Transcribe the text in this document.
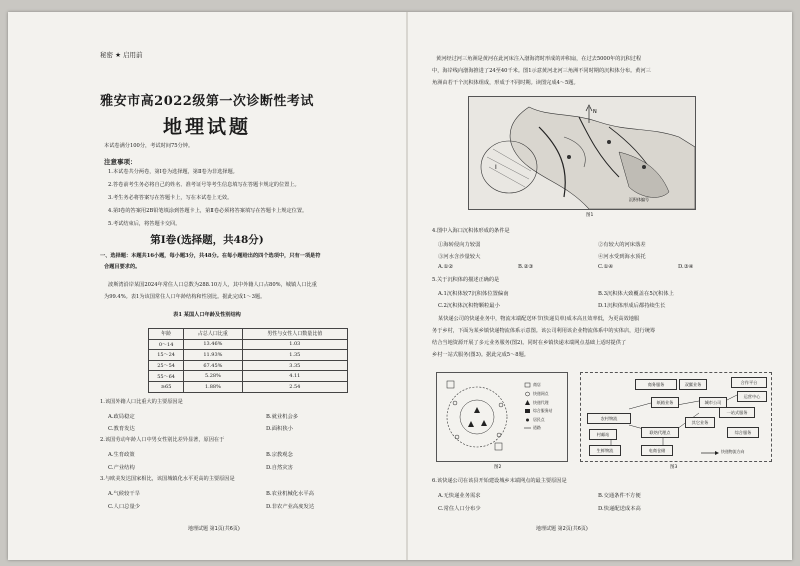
秘密 ★ 启用前
雅安市高2022级第一次诊断性考试
地理试题
本试卷满分100分，考试时间75分钟。
注意事项：
1.本试卷共分两卷，第Ⅰ卷为选择题，第Ⅱ卷为非选择题。
2.答卷前考生务必将自己的姓名、准考证号等考生信息填写在答题卡规定的位置上。
3.考生务必将答案写在答题卡上，写在本试卷上无效。
4.第Ⅰ卷的答案用2B铅笔填涂到答题卡上，第Ⅱ卷必须将答案填写在答题卡上规定位置。
5.考试结束后，将答题卡交回。
第Ⅰ卷(选择题，共48分)
一、选择题：本题共16小题，每小题3分，共48分。在每小题给出的四个选项中，只有一项是符
合题目要求的。
波斯湾沿岸某国2024年常住人口总数为288.10万人，其中外籍人口占80%，城镇人口比重
为99.4%。表1为该国常住人口年龄结构和性别比。据此完成1～3题。
表1 某国人口年龄及性别结构
年龄	占总人口比重	男性与女性人口数量比值
0～14	13.46%	1.03
15～24	11.93%	1.35
25～54	67.45%	3.35
55～64	5.28%	4.11
≥65	1.88%	2.54
1.该国外籍人口比重大的主要原因是
A.政局稳定	B.就业机会多
C.教育发达	D.面积狭小
2.该国劳动年龄人口中男女性别比差异显著，原因在于
A.生育政策	B.宗教观念
C.产业结构	D.自然灾害
3.与欧美发达国家相比，该国城镇化水平更高的主要原因是
A.气候较干旱	B.农业机械化水平高
C.人口总量少	D.非农产业高度发达
地理试题 第1页(共6页)
黄河经过河三角洲是黄河在此河床注入渤海湾时形成的冲积扇，在过去5000年的沉积过程
中，海岸线向渤海推进了24至40千米。图1示意黄河北河三角洲不同时期的沉积体分布。黄河三
角洲由若干个沉积体组成，形成于不同时期。读图完成4～5题。
N
Ⅰ
沉积体编号
图1
4.图中入海口沉积体形成的条件是
①海转侵向力较弱	②有较大的河床落差
③河水含沙量较大	④河水受到海水顶托
A.①②	B.②③	C.①④	D.③④
5.关于沉积体的描述正确的是
A.1沉积体较7沉积体位置偏南	B.3沉积体大致覆盖在5沉积体上
C.2沉积体沉积物颗粒最小	D.1沉积体形成后都持续生长
某快递公司的快递业务中，物流末端配送环节(快递员单)成本高且效率低，为更高效地服
务于乡村，下面为某乡镇快递物流体系示意图。该公司利用该企业物流体系中的实体店，进行统筹
结合当地资源开展了多元业务服务(图2)。同时在乡镇快递末端网点基础上适时提供了
乡村一站式服务(图3)。据此完成5～8题。
商店
快递网点
快递代理
综合服务站
居民点
道路
图2
农村物流
商务服务
纸箱业务
村邮站	联络代理点
双翼业务
其它业务
城市公司
合作平台
一站式服务
生鲜物流
运营中心
电商仓储
综合服务
快递物流方向
图3
6.该快递公司在该县开始建设城乡末端网点的最主要原因是
A.无快递业务需求	B.交通条件不方便
C.常住人口分布少	D.快递配送成本高
地理试题 第2页(共6页)
